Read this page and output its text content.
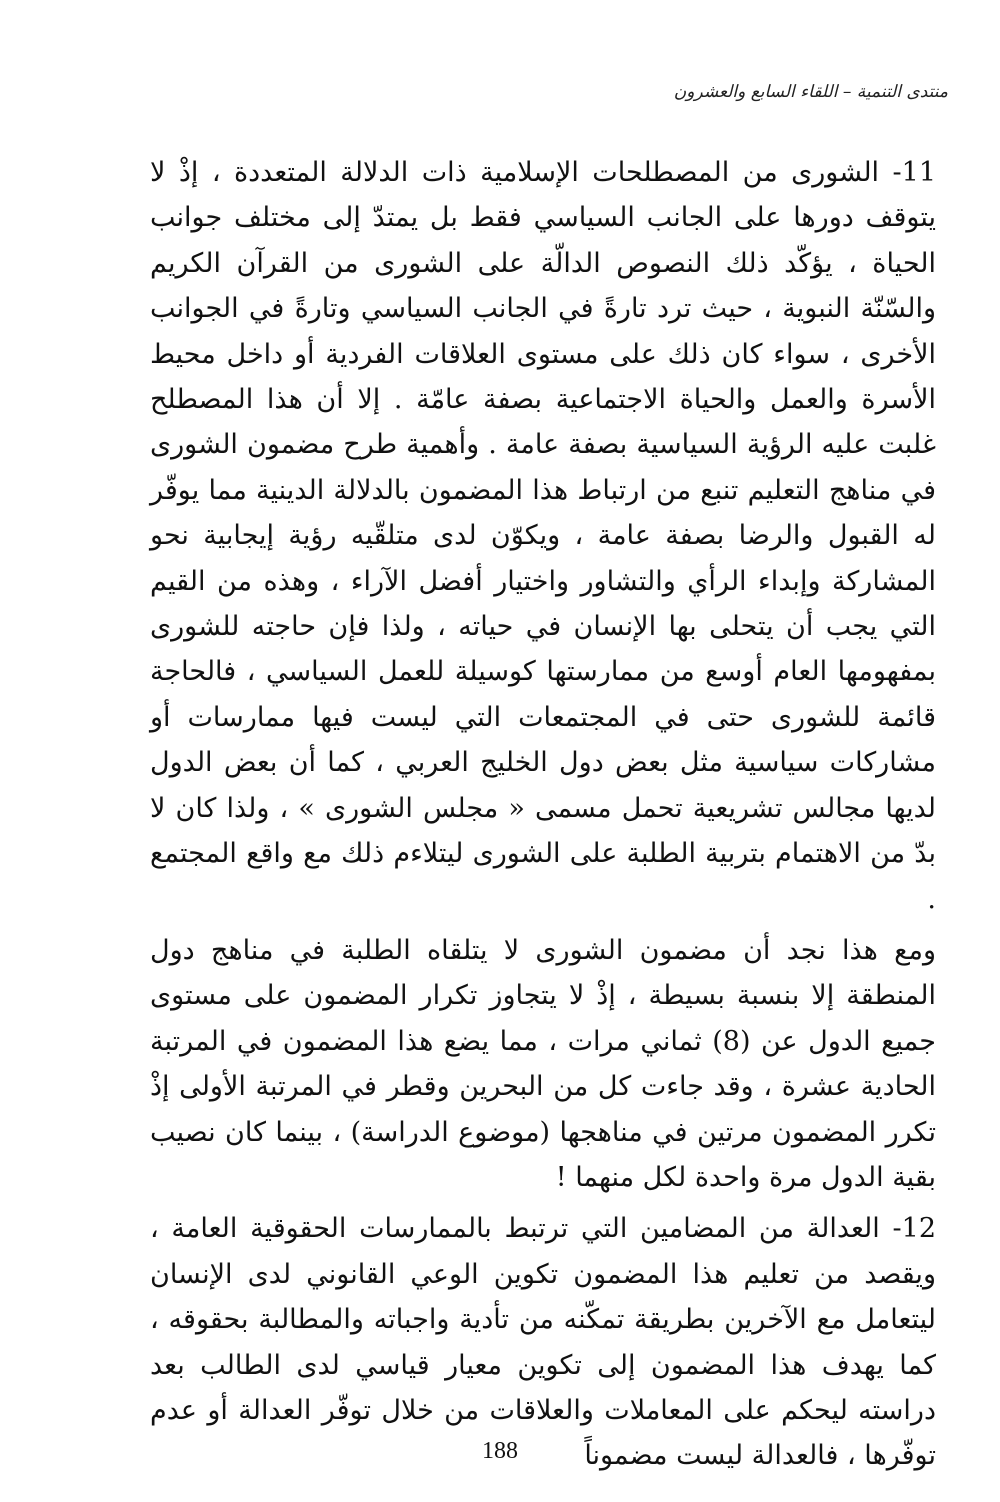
منتدى التنمية – اللقاء السابع والعشرون

11- الشورى من المصطلحات الإسلامية ذات الدلالة المتعددة ، إذْ لا يتوقف دورها على الجانب السياسي فقط بل يمتدّ إلى مختلف جوانب الحياة ، يؤكّد ذلك النصوص الدالّة على الشورى من القرآن الكريم والسّنّة النبوية ، حيث ترد تارةً في الجانب السياسي وتارةً في الجوانب الأخرى ، سواء كان ذلك على مستوى العلاقات الفردية أو داخل محيط الأسرة والعمل والحياة الاجتماعية بصفة عامّة . إلا أن هذا المصطلح غلبت عليه الرؤية السياسية بصفة عامة . وأهمية طرح مضمون الشورى في مناهج التعليم تنبع من ارتباط هذا المضمون بالدلالة الدينية مما يوفّر له القبول والرضا بصفة عامة ، ويكوّن لدى متلقّيه رؤية إيجابية نحو المشاركة وإبداء الرأي والتشاور واختيار أفضل الآراء ، وهذه من القيم التي يجب أن يتحلى بها الإنسان في حياته ، ولذا فإن حاجته للشورى بمفهومها العام أوسع من ممارستها كوسيلة للعمل السياسي ، فالحاجة قائمة للشورى حتى في المجتمعات التي ليست فيها ممارسات أو مشاركات سياسية مثل بعض دول الخليج العربي ، كما أن بعض الدول لديها مجالس تشريعية تحمل مسمى « مجلس الشورى » ، ولذا كان لا بدّ من الاهتمام بتربية الطلبة على الشورى ليتلاءم ذلك مع واقع المجتمع .

ومع هذا نجد أن مضمون الشورى لا يتلقاه الطلبة في مناهج دول المنطقة إلا بنسبة بسيطة ، إذْ لا يتجاوز تكرار المضمون على مستوى جميع الدول عن (8) ثماني مرات ، مما يضع هذا المضمون في المرتبة الحادية عشرة ، وقد جاءت كل من البحرين وقطر في المرتبة الأولى إذْ تكرر المضمون مرتين في مناهجها (موضوع الدراسة) ، بينما كان نصيب بقية الدول مرة واحدة لكل منهما !

12- العدالة من المضامين التي ترتبط بالممارسات الحقوقية العامة ، ويقصد من تعليم هذا المضمون تكوين الوعي القانوني لدى الإنسان ليتعامل مع الآخرين بطريقة تمكّنه من تأدية واجباته والمطالبة بحقوقه ، كما يهدف هذا المضمون إلى تكوين معيار قياسي لدى الطالب بعد دراسته ليحكم على المعاملات والعلاقات من خلال توفّر العدالة أو عدم توفّرها ، فالعدالة ليست مضموناً

188
